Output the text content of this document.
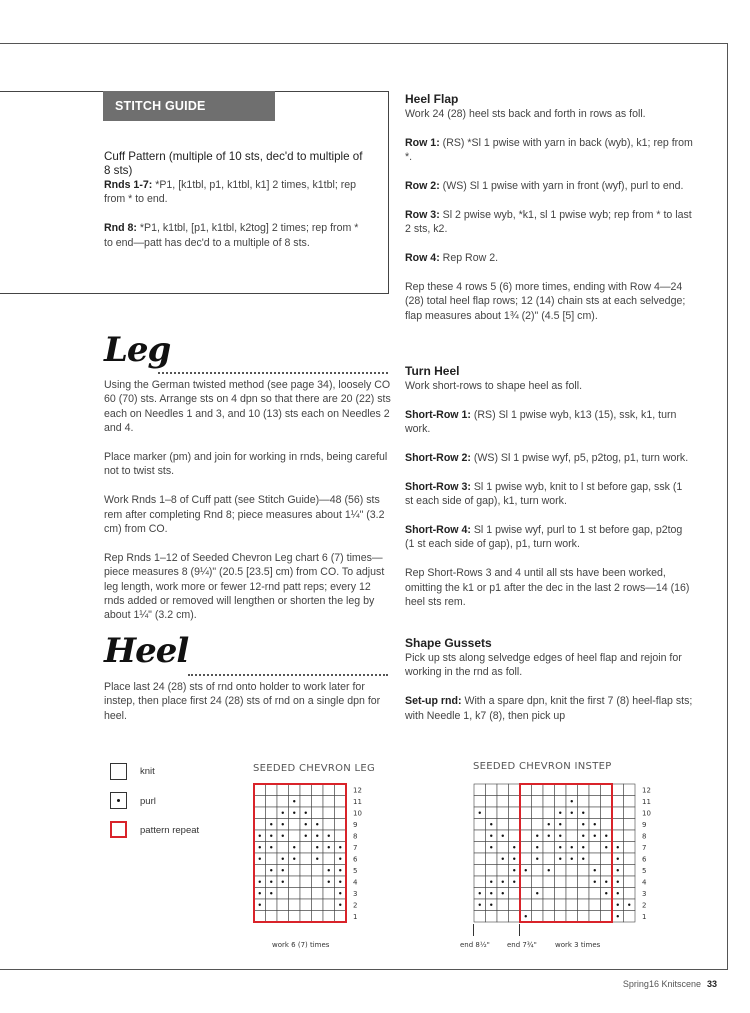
STITCH GUIDE
Cuff Pattern (multiple of 10 sts, dec'd to multiple of 8 sts)

Rnds 1-7: *P1, [k1tbl, p1, k1tbl, k1] 2 times, k1tbl; rep from * to end.

Rnd 8: *P1, k1tbl, [p1, k1tbl, k2tog] 2 times; rep from * to end—patt has dec'd to a multiple of 8 sts.

Leg

Using the German twisted method (see page 34), loosely CO 60 (70) sts. Arrange sts on 4 dpn so that there are 20 (22) sts each on Needles 1 and 3, and 10 (13) sts each on Needles 2 and 4.

Place marker (pm) and join for working in rnds, being careful not to twist sts.

Work Rnds 1–8 of Cuff patt (see Stitch Guide)—48 (56) sts rem after completing Rnd 8; piece measures about 1¼" (3.2 cm) from CO.

Rep Rnds 1–12 of Seeded Chevron Leg chart 6 (7) times—piece measures 8 (9¼)" (20.5 [23.5] cm) from CO. To adjust leg length, work more or fewer 12-rnd patt reps; every 12 rnds added or removed will lengthen or shorten the leg by about 1¼" (3.2 cm).

Heel
Place last 24 (28) sts of rnd onto holder to work later for instep, then place first 24 (28) sts of rnd on a single dpn for heel.
Heel Flap

Work 24 (28) heel sts back and forth in rows as foll.

Row 1: (RS) *Sl 1 pwise with yarn in back (wyb), k1; rep from *.

Row 2: (WS) Sl 1 pwise with yarn in front (wyf), purl to end.

Row 3: Sl 2 pwise wyb, *k1, sl 1 pwise wyb; rep from * to last 2 sts, k2.

Row 4: Rep Row 2.

Rep these 4 rows 5 (6) more times, ending with Row 4—24 (28) total heel flap rows; 12 (14) chain sts at each selvedge; flap measures about 1¾ (2)" (4.5 [5] cm).

Turn Heel

Work short-rows to shape heel as foll.

Short-Row 1: (RS) Sl 1 pwise wyb, k13 (15), ssk, k1, turn work.

Short-Row 2: (WS) Sl 1 pwise wyf, p5, p2tog, p1, turn work.

Short-Row 3: Sl 1 pwise wyb, knit to l st before gap, ssk (1 st each side of gap), k1, turn work.

Short-Row 4: Sl 1 pwise wyf, purl to 1 st before gap, p2tog (1 st each side of gap), p1, turn work.

Rep Short-Rows 3 and 4 until all sts have been worked, omitting the k1 or p1 after the dec in the last 2 rows—14 (16) heel sts rem.

Shape Gussets

Pick up sts along selvedge edges of heel flap and rejoin for working in the rnd as foll.

Set-up rnd: With a spare dpn, knit the first 7 (8) heel-flap sts; with Needle 1, k7 (8), then pick up

knit
purl
pattern repeat
SEEDED CHEVRON LEG
12
11
10
9
8
7
6
5
4
3
2
1
work 6 (7) times
SEEDED CHEVRON INSTEP
12
11
10
9
8
7
6
5
4
3
2
1
end 8½" end 7¾"	work 3 times
Spring16 Knitscene 33
